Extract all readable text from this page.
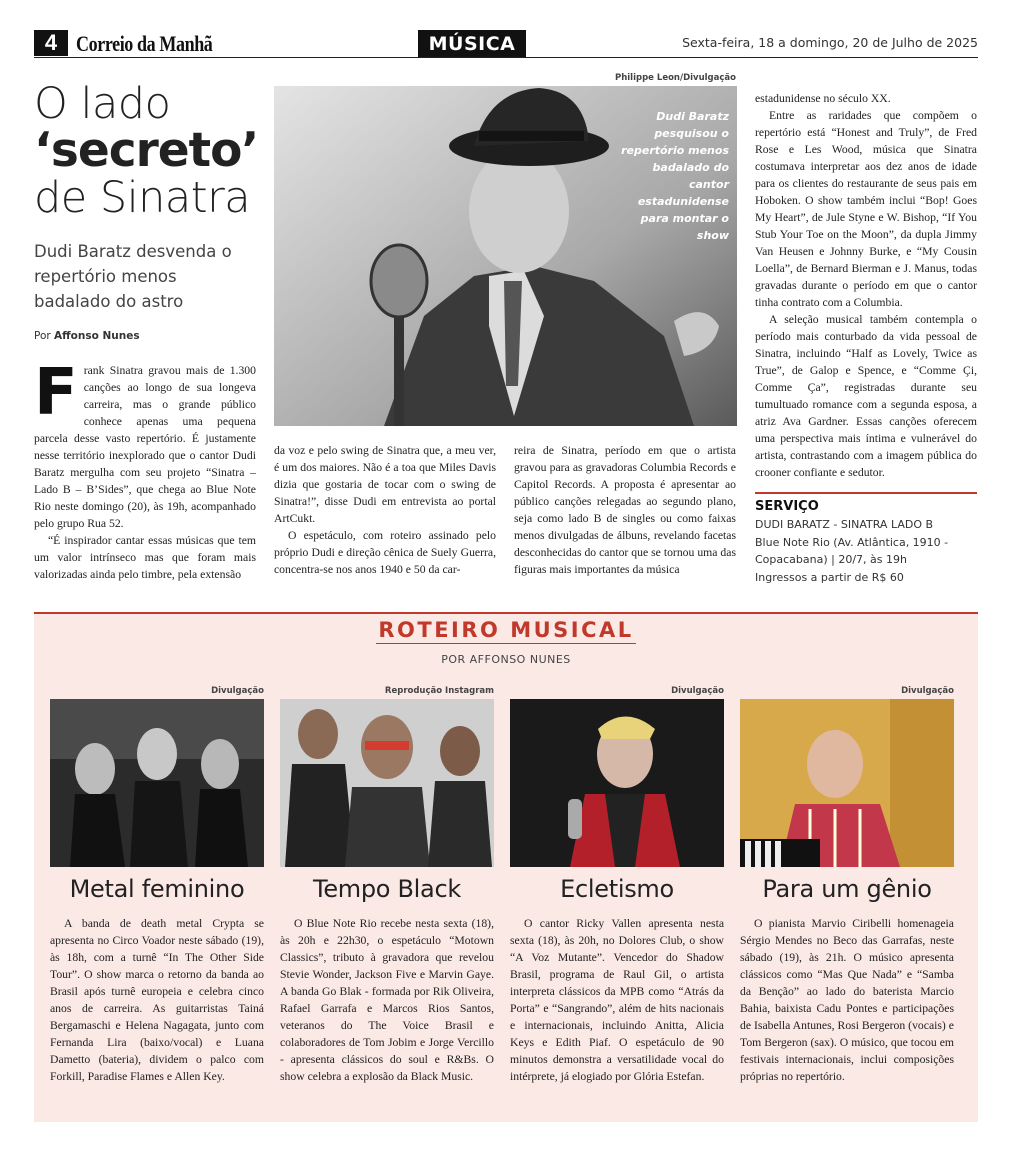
4 Correio da Manhã	MÚSICA	Sexta-feira, 18 a domingo, 20 de Julho de 2025
O lado
‘secreto’
de Sinatra
Dudi Baratz desvenda o repertório menos badalado do astro
Por Affonso Nunes
Philippe Leon/Divulgação
Dudi Baratz pesquisou o repertório menos badalado do cantor estadunidense para montar o show

Frank Sinatra gravou mais de 1.300 canções ao longo de sua longeva carreira, mas o grande público conhece apenas uma pequena parcela desse vasto repertório. É justamente nesse território inexplorado que o cantor Dudi Baratz mergulha com seu projeto “Sinatra – Lado B – B’Sides”, que chega ao Blue Note Rio neste domingo (20), às 19h, acompanhado pelo grupo Rua 52.

“É inspirador cantar essas músicas que tem um valor intrínseco mas que foram mais valorizadas ainda pelo timbre, pela extensão

da voz e pelo swing de Sinatra que, a meu ver, é um dos maiores. Não é a toa que Miles Davis dizia que gostaria de tocar com o swing de Sinatra!”, disse Dudi em entrevista ao portal ArtCukt.

O espetáculo, com roteiro assinado pelo próprio Dudi e direção cênica de Suely Guerra, concentra-se nos anos 1940 e 50 da car-

reira de Sinatra, período em que o artista gravou para as gravadoras Columbia Records e Capitol Records. A proposta é apresentar ao público canções relegadas ao segundo plano, seja como lado B de singles ou como faixas menos divulgadas de álbuns, revelando facetas desconhecidas do cantor que se tornou uma das figuras mais importantes da música

estadunidense no século XX.

Entre as raridades que compõem o repertório está “Honest and Truly”, de Fred Rose e Les Wood, música que Sinatra costumava interpretar aos dez anos de idade para os clientes do restaurante de seus pais em Hoboken. O show também inclui “Bop! Goes My Heart”, de Jule Styne e W. Bishop, “If You Stub Your Toe on the Moon”, da dupla Jimmy Van Heusen e Johnny Burke, e “My Cousin Loella”, de Bernard Bierman e J. Manus, todas gravadas durante o período em que o cantor tinha contrato com a Columbia.

A seleção musical também contempla o período mais conturbado da vida pessoal de Sinatra, incluindo “Half as Lovely, Twice as True”, de Galop e Spence, e “Comme Çi, Comme Ça”, registradas durante seu tumultuado romance com a segunda esposa, a atriz Ava Gardner. Essas canções oferecem uma perspectiva mais íntima e vulnerável do artista, contrastando com a imagem pública do crooner confiante e sedutor.

SERVIÇO
DUDI BARATZ - SINATRA LADO B
Blue Note Rio (Av. Atlântica, 1910 - Copacabana) | 20/7, às 19h
Ingressos a partir de R$ 60
ROTEIRO MUSICAL
POR AFFONSO NUNES
Divulgação
Metal feminino
A banda de death metal Crypta se apresenta no Circo Voador neste sábado (19), às 18h, com a turnê “In The Other Side Tour”. O show marca o retorno da banda ao Brasil após turnê europeia e celebra cinco anos de carreira. As guitarristas Tainá Bergamaschi e Helena Nagagata, junto com Fernanda Lira (baixo/vocal) e Luana Dametto (bateria), dividem o palco com Forkill, Paradise Flames e Allen Key.
Reprodução Instagram
Tempo Black
O Blue Note Rio recebe nesta sexta (18), às 20h e 22h30, o espetáculo “Motown Classics”, tributo à gravadora que revelou Stevie Wonder, Jackson Five e Marvin Gaye. A banda Go Blak - formada por Rik Oliveira, Rafael Garrafa e Marcos Rios Santos, veteranos do The Voice Brasil e colaboradores de Tom Jobim e Jorge Vercillo - apresenta clássicos do soul e R&Bs. O show celebra a explosão da Black Music.
Divulgação
Ecletismo
O cantor Ricky Vallen apresenta nesta sexta (18), às 20h, no Dolores Club, o show “A Voz Mutante”. Vencedor do Shadow Brasil, programa de Raul Gil, o artista interpreta clássicos da MPB como “Atrás da Porta” e “Sangrando”, além de hits nacionais e internacionais, incluindo Anitta, Alicia Keys e Edith Piaf. O espetáculo de 90 minutos demonstra a versatilidade vocal do intérprete, já elogiado por Glória Estefan.
Divulgação
Para um gênio
O pianista Marvio Ciribelli homenageia Sérgio Mendes no Beco das Garrafas, neste sábado (19), às 21h. O músico apresenta clássicos como “Mas Que Nada” e “Samba da Benção” ao lado do baterista Marcio Bahia, baixista Cadu Pontes e participações de Isabella Antunes, Rosi Bergeron (vocais) e Tom Bergeron (sax). O músico, que tocou em festivais internacionais, inclui composições próprias no repertório.
